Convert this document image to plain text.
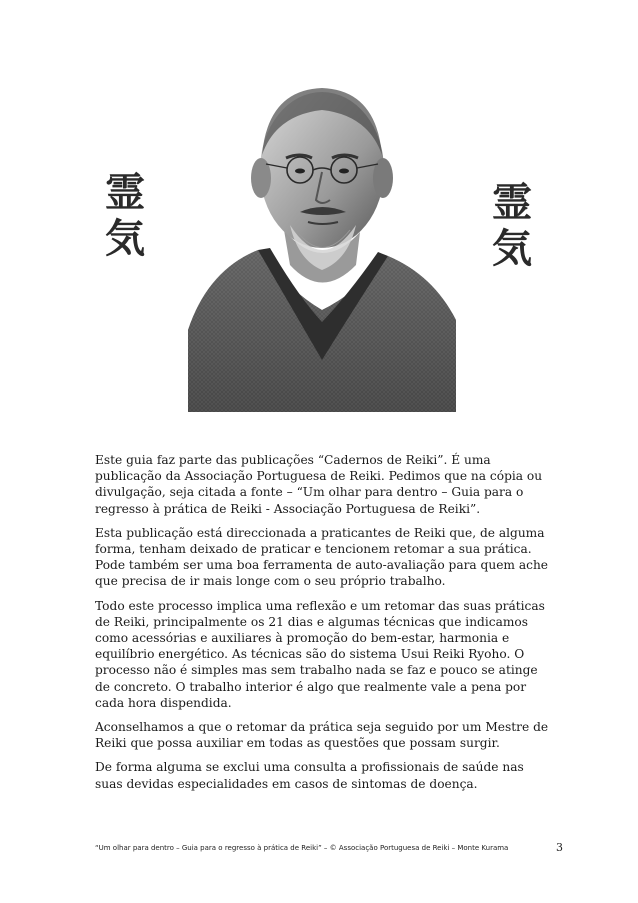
霊
気
霊
気

Este guia faz parte das publicações “Cadernos de Reiki”. É uma publicação da Associação Portuguesa de Reiki. Pedimos que na cópia ou divulgação, seja citada a fonte – “Um olhar para dentro – Guia para o regresso à prática de Reiki - Associação Portuguesa de Reiki”.

Esta publicação está direccionada a praticantes de Reiki que, de alguma forma, tenham deixado de praticar e tencionem retomar a sua prática. Pode também ser uma boa ferramenta de auto-avaliação para quem ache que precisa de ir mais longe com o seu próprio trabalho.

Todo este processo implica uma reflexão e um retomar das suas práticas de Reiki, principalmente os 21 dias e algumas técnicas que indicamos como acessórias e auxiliares à promoção do bem-estar, harmonia e equilíbrio energético. As técnicas são do sistema Usui Reiki Ryoho. O processo não é simples mas sem trabalho nada se faz e pouco se atinge de concreto. O trabalho interior é algo que realmente vale a pena por cada hora dispendida.

Aconselhamos a que o retomar da prática seja seguido por um Mestre de Reiki que possa auxiliar em todas as questões que possam surgir.

De forma alguma se exclui uma consulta a profissionais de saúde nas suas devidas especialidades em casos de sintomas de doença.

“Um olhar para dentro – Guia para o regresso à prática de Reiki” – © Associação Portuguesa de Reiki – Monte Kurama	3
